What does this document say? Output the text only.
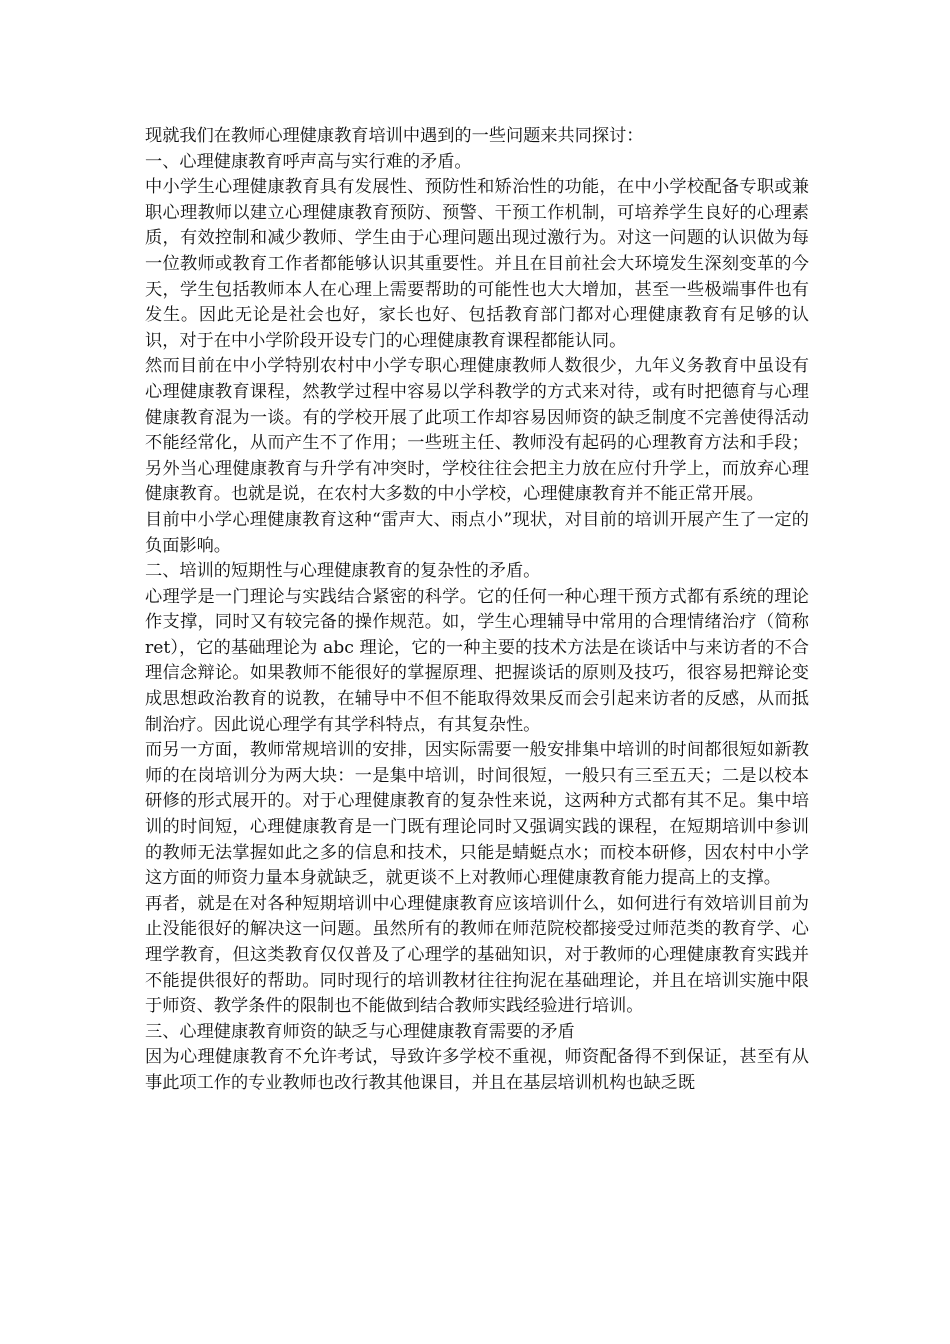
现就我们在教师心理健康教育培训中遇到的一些问题来共同探讨：

一、心理健康教育呼声高与实行难的矛盾。

中小学生心理健康教育具有发展性、预防性和矫治性的功能，在中小学校配备专职或兼职心理教师以建立心理健康教育预防、预警、干预工作机制，可培养学生良好的心理素质，有效控制和减少教师、学生由于心理问题出现过激行为。对这一问题的认识做为每一位教师或教育工作者都能够认识其重要性。并且在目前社会大环境发生深刻变革的今天，学生包括教师本人在心理上需要帮助的可能性也大大增加，甚至一些极端事件也有发生。因此无论是社会也好，家长也好、包括教育部门都对心理健康教育有足够的认识，对于在中小学阶段开设专门的心理健康教育课程都能认同。

然而目前在中小学特别农村中小学专职心理健康教师人数很少，九年义务教育中虽设有心理健康教育课程，然教学过程中容易以学科教学的方式来对待，或有时把德育与心理健康教育混为一谈。有的学校开展了此项工作却容易因师资的缺乏制度不完善使得活动不能经常化，从而产生不了作用；一些班主任、教师没有起码的心理教育方法和手段；另外当心理健康教育与升学有冲突时，学校往往会把主力放在应付升学上，而放弃心理健康教育。也就是说，在农村大多数的中小学校，心理健康教育并不能正常开展。

目前中小学心理健康教育这种“雷声大、雨点小”现状，对目前的培训开展产生了一定的负面影响。

二、培训的短期性与心理健康教育的复杂性的矛盾。

心理学是一门理论与实践结合紧密的科学。它的任何一种心理干预方式都有系统的理论作支撑，同时又有较完备的操作规范。如，学生心理辅导中常用的合理情绪治疗（简称 ret），它的基础理论为 abc 理论，它的一种主要的技术方法是在谈话中与来访者的不合理信念辩论。如果教师不能很好的掌握原理、把握谈话的原则及技巧，很容易把辩论变成思想政治教育的说教，在辅导中不但不能取得效果反而会引起来访者的反感，从而抵制治疗。因此说心理学有其学科特点，有其复杂性。

而另一方面，教师常规培训的安排，因实际需要一般安排集中培训的时间都很短如新教师的在岗培训分为两大块：一是集中培训，时间很短，一般只有三至五天；二是以校本研修的形式展开的。对于心理健康教育的复杂性来说，这两种方式都有其不足。集中培训的时间短，心理健康教育是一门既有理论同时又强调实践的课程，在短期培训中参训的教师无法掌握如此之多的信息和技术，只能是蜻蜓点水；而校本研修，因农村中小学这方面的师资力量本身就缺乏，就更谈不上对教师心理健康教育能力提高上的支撑。

再者，就是在对各种短期培训中心理健康教育应该培训什么，如何进行有效培训目前为止没能很好的解决这一问题。虽然所有的教师在师范院校都接受过师范类的教育学、心理学教育，但这类教育仅仅普及了心理学的基础知识，对于教师的心理健康教育实践并不能提供很好的帮助。同时现行的培训教材往往拘泥在基础理论，并且在培训实施中限于师资、教学条件的限制也不能做到结合教师实践经验进行培训。

三、心理健康教育师资的缺乏与心理健康教育需要的矛盾

因为心理健康教育不允许考试，导致许多学校不重视，师资配备得不到保证，甚至有从事此项工作的专业教师也改行教其他课目，并且在基层培训机构也缺乏既
